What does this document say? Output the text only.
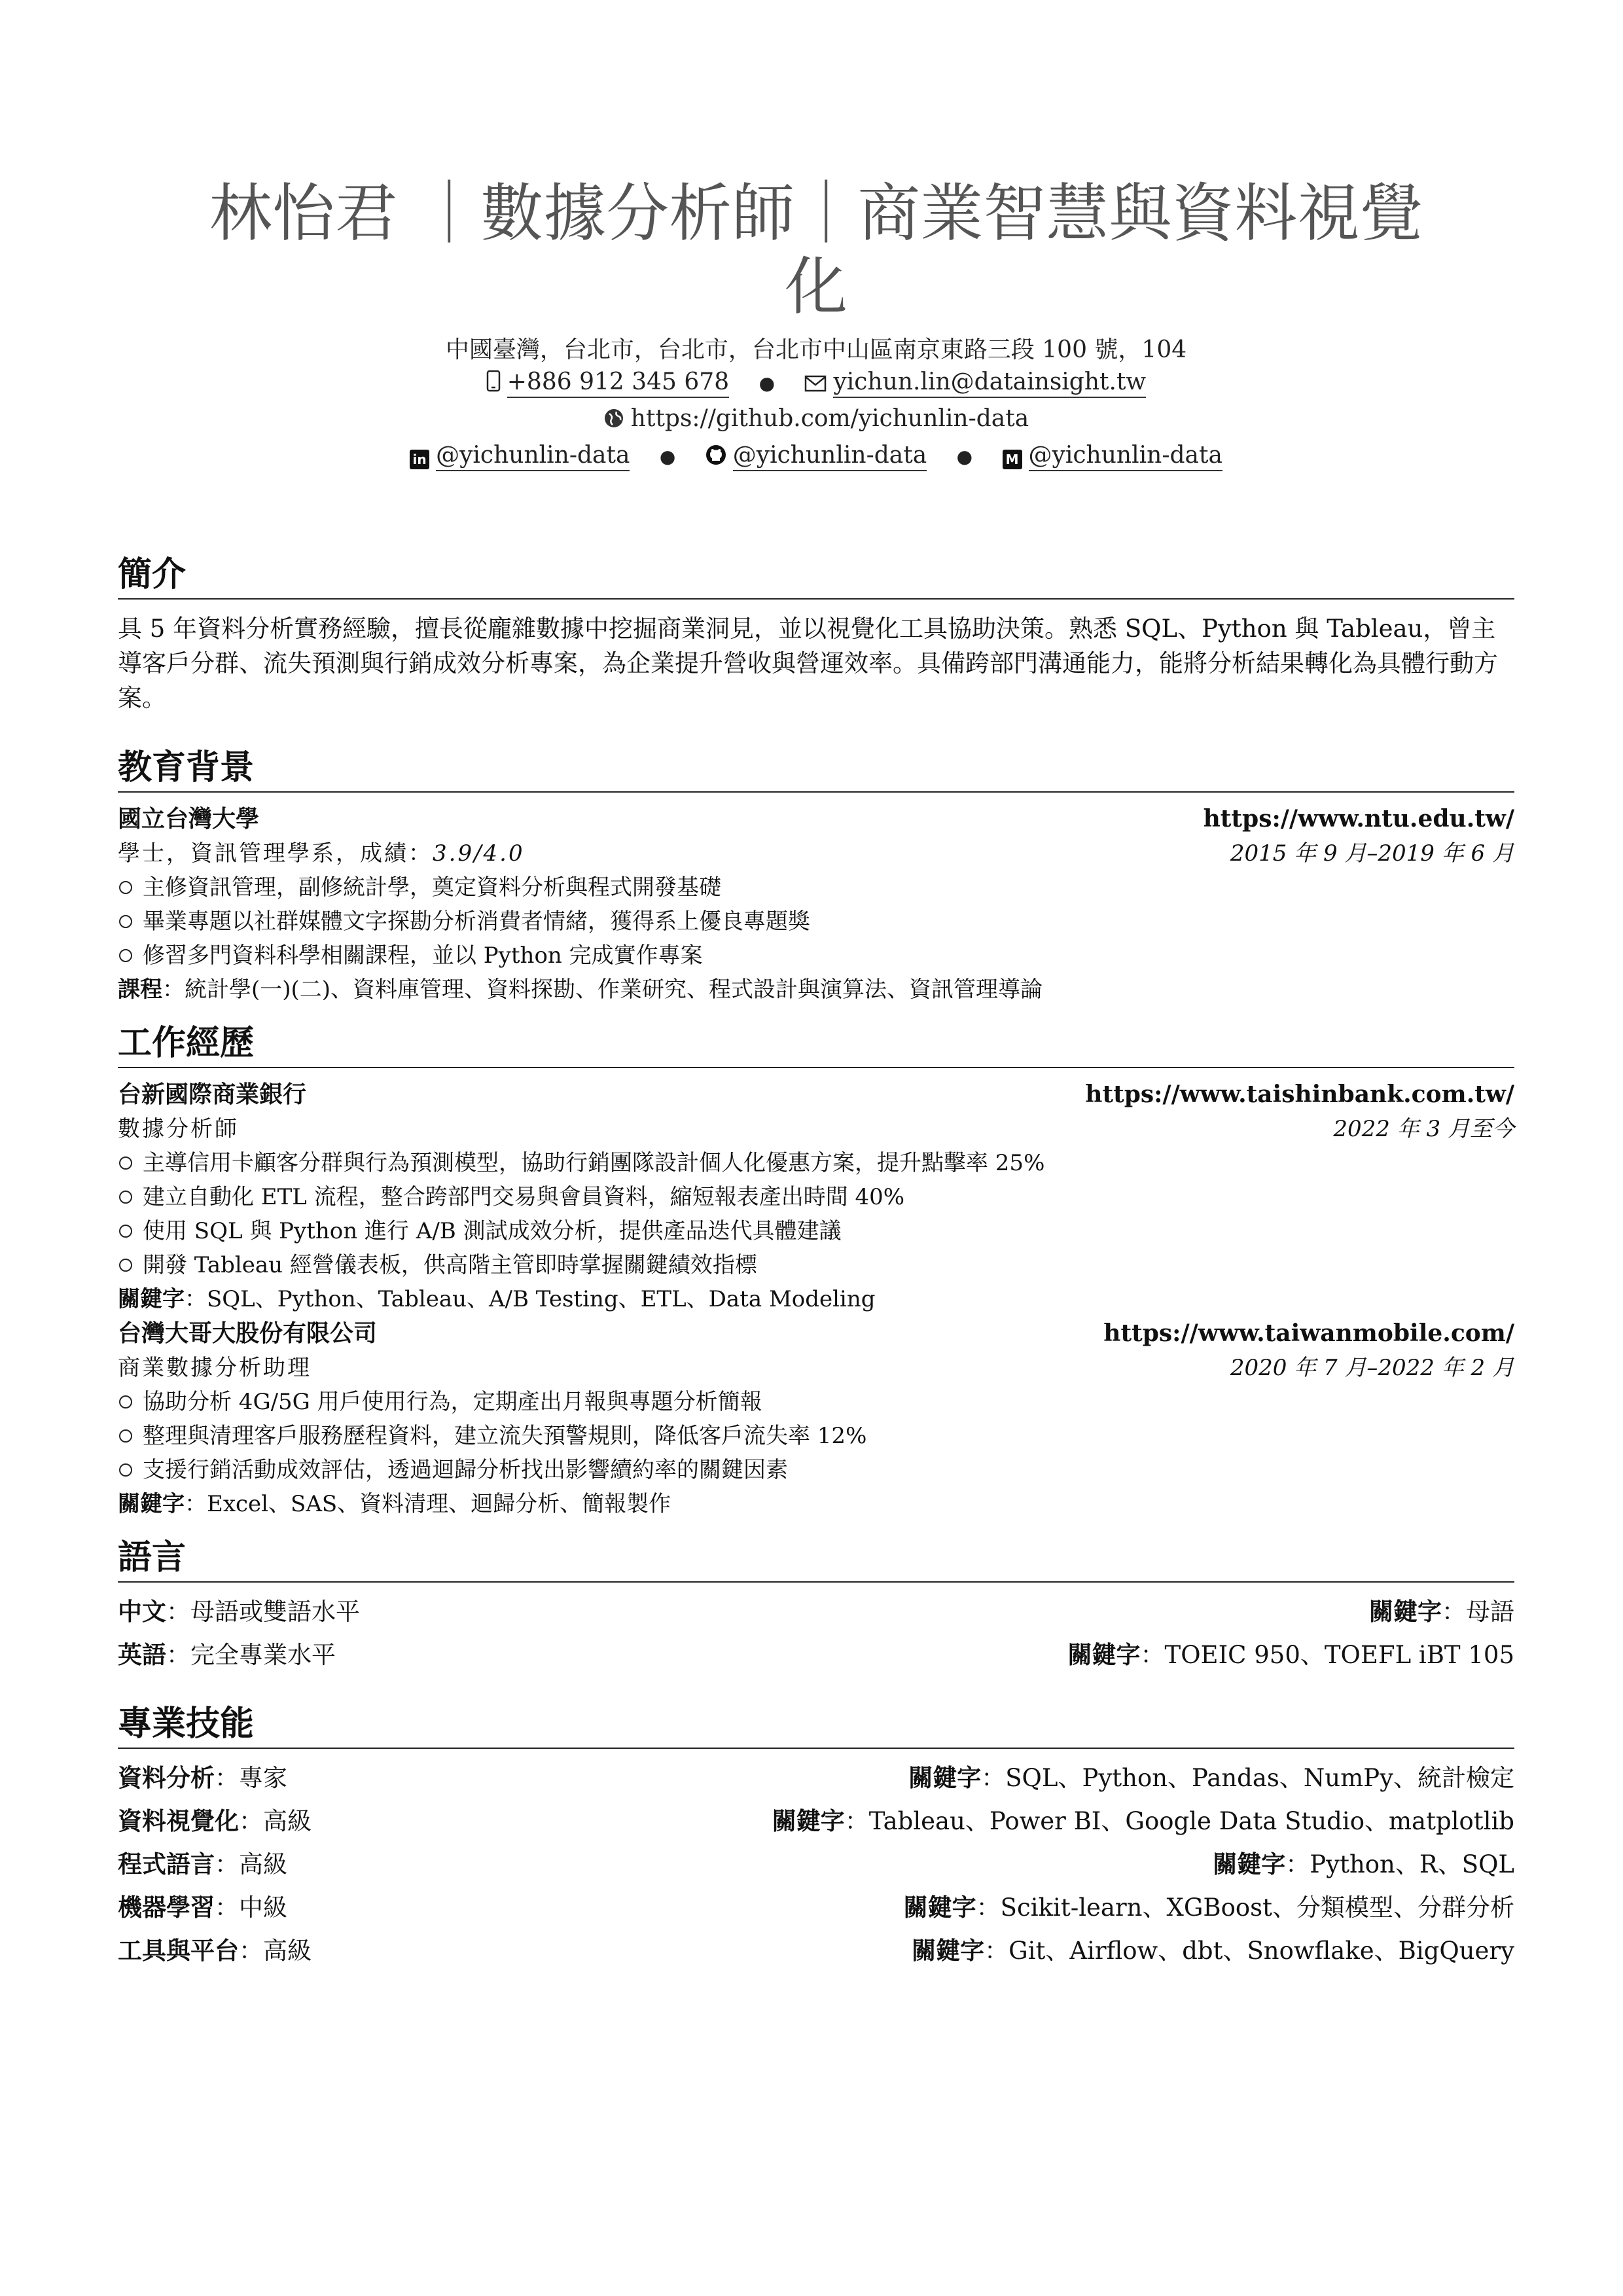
林怡君 ｜數據分析師｜商業智慧與資料視覺化
中國臺灣，台北市，台北市，台北市中山區南京東路三段 100 號，104
+886 912 345 678 ● yichun.lin@datainsight.tw
https://github.com/yichunlin-data
in @yichunlin-data ● @yichunlin-data ●	M @yichunlin-data
簡介
具 5 年資料分析實務經驗，擅長從龐雜數據中挖掘商業洞見，並以視覺化工具協助決策。熟悉 SQL、Python 與 Tableau，曾主導客戶分群、流失預測與行銷成效分析專案，為企業提升營收與營運效率。具備跨部門溝通能力，能將分析結果轉化為具體行動方案。
教育背景
國立台灣大學	https://www.ntu.edu.tw/
學士，資訊管理學系，成績：3.9/4.0	2015 年 9 月–2019 年 6 月
主修資訊管理，副修統計學，奠定資料分析與程式開發基礎
畢業專題以社群媒體文字探勘分析消費者情緒，獲得系上優良專題獎
修習多門資料科學相關課程，並以 Python 完成實作專案
課程：統計學(一)(二)、資料庫管理、資料探勘、作業研究、程式設計與演算法、資訊管理導論
工作經歷
台新國際商業銀行	https://www.taishinbank.com.tw/
數據分析師	2022 年 3 月至今
主導信用卡顧客分群與行為預測模型，協助行銷團隊設計個人化優惠方案，提升點擊率 25%
建立自動化 ETL 流程，整合跨部門交易與會員資料，縮短報表產出時間 40%
使用 SQL 與 Python 進行 A/B 測試成效分析，提供產品迭代具體建議
開發 Tableau 經營儀表板，供高階主管即時掌握關鍵績效指標
關鍵字：SQL、Python、Tableau、A/B Testing、ETL、Data Modeling
台灣大哥大股份有限公司	https://www.taiwanmobile.com/
商業數據分析助理	2020 年 7 月–2022 年 2 月
協助分析 4G/5G 用戶使用行為，定期產出月報與專題分析簡報
整理與清理客戶服務歷程資料，建立流失預警規則，降低客戶流失率 12%
支援行銷活動成效評估，透過迴歸分析找出影響續約率的關鍵因素
關鍵字：Excel、SAS、資料清理、迴歸分析、簡報製作
語言
中文：母語或雙語水平	關鍵字：母語
英語：完全專業水平	關鍵字：TOEIC 950、TOEFL iBT 105
專業技能
資料分析：專家	關鍵字：SQL、Python、Pandas、NumPy、統計檢定
資料視覺化：高級	關鍵字：Tableau、Power BI、Google Data Studio、matplotlib
程式語言：高級	關鍵字：Python、R、SQL
機器學習：中級	關鍵字：Scikit-learn、XGBoost、分類模型、分群分析
工具與平台：高級	關鍵字：Git、Airflow、dbt、Snowflake、BigQuery
